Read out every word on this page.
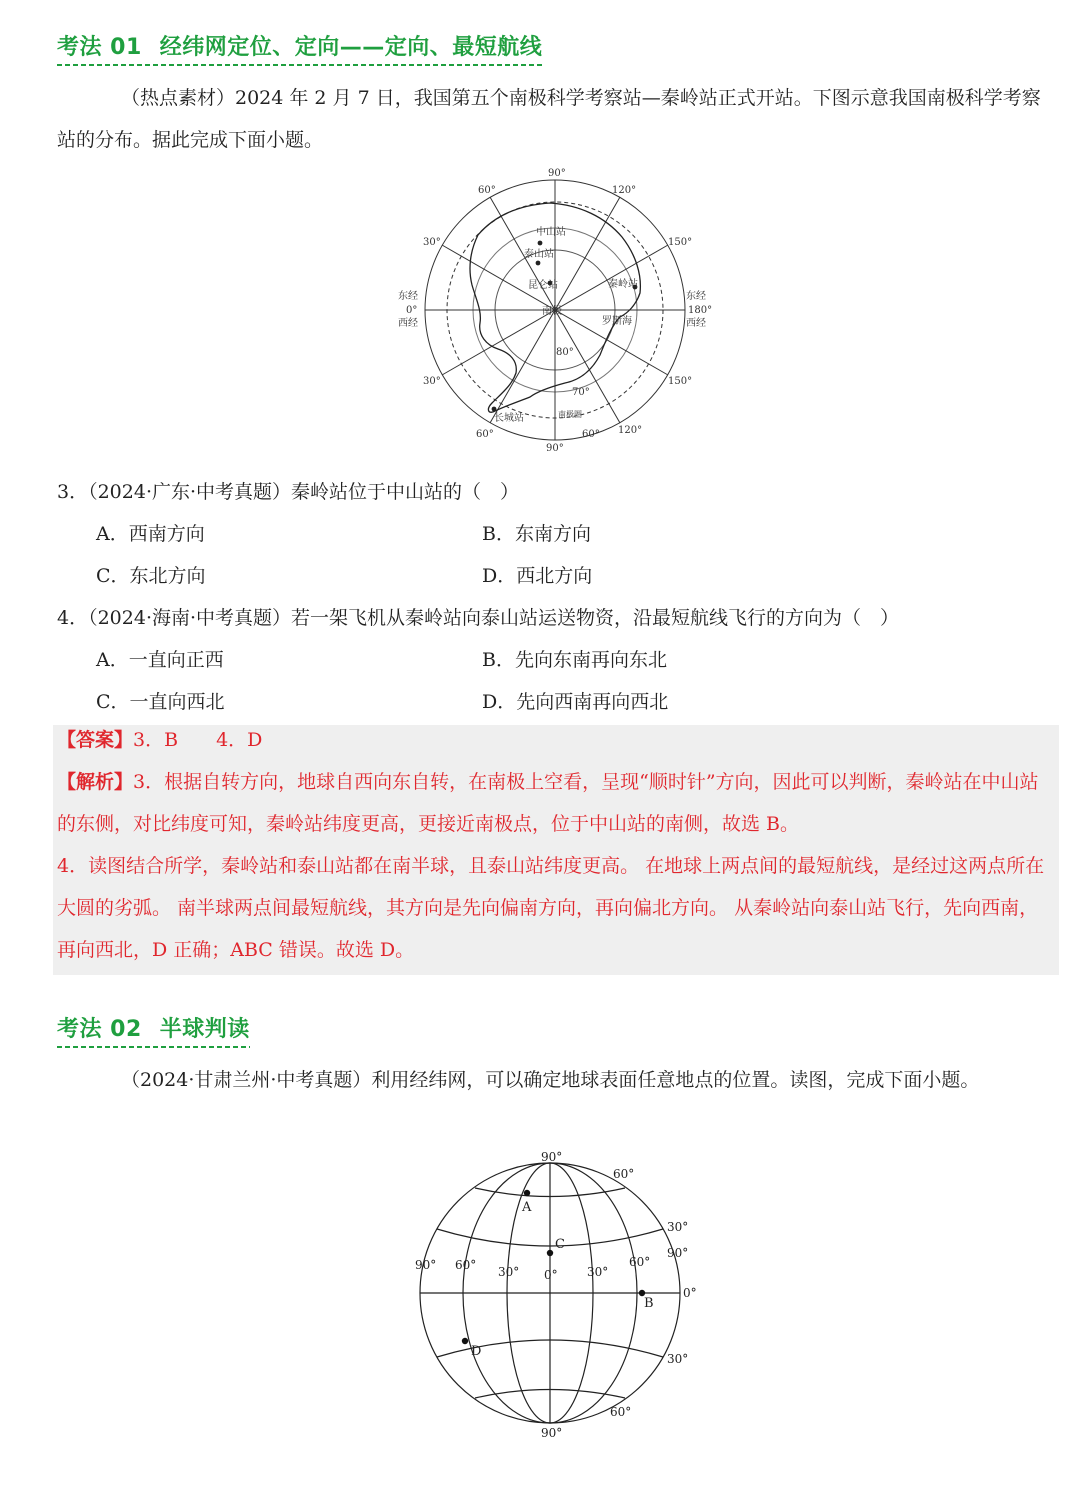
考法 01 经纬网定位、定向——定向、最短航线
（热点素材）2024 年 2 月 7 日，我国第五个南极科学考察站—秦岭站正式开站。下图示意我国南极科学考察站的分布。据此完成下面小题。
90°
60°	120°
30°	150°
东经
0°
西经
东经
180°
西经
30°	150°
60°	120°
90°
80°
70°
60°
中山站
泰山站
昆仑站	秦岭站
南极
罗斯海
长城站	南极圈
3．（2024·广东·中考真题）秦岭站位于中山站的（　）
A．西南方向	B．东南方向
C．东北方向	D．西北方向
4．（2024·海南·中考真题）若一架飞机从秦岭站向泰山站运送物资，沿最短航线飞行的方向为（　）
A．一直向正西	B．先向东南再向东北
C．一直向西北	D．先向西南再向西北
【答案】3．B　　4．D
【解析】3．根据自转方向，地球自西向东自转，在南极上空看，呈现“顺时针”方向，因此可以判断，秦岭站在中山站的东侧，对比纬度可知，秦岭站纬度更高，更接近南极点，位于中山站的南侧，故选 B。
4．读图结合所学，秦岭站和泰山站都在南半球，且泰山站纬度更高。 在地球上两点间的最短航线，是经过这两点所在大圆的劣弧。 南半球两点间最短航线，其方向是先向偏南方向，再向偏北方向。 从秦岭站向泰山站飞行，先向西南，再向西北，D 正确；ABC 错误。故选 D。
考法 02 半球判读
（2024·甘肃兰州·中考真题）利用经纬网，可以确定地球表面任意地点的位置。读图，完成下面小题。
90°
60°
30°
90° 60° 30° 0° 30°
60°
90°
0°
30°
60°
90°
A
B
C
D
